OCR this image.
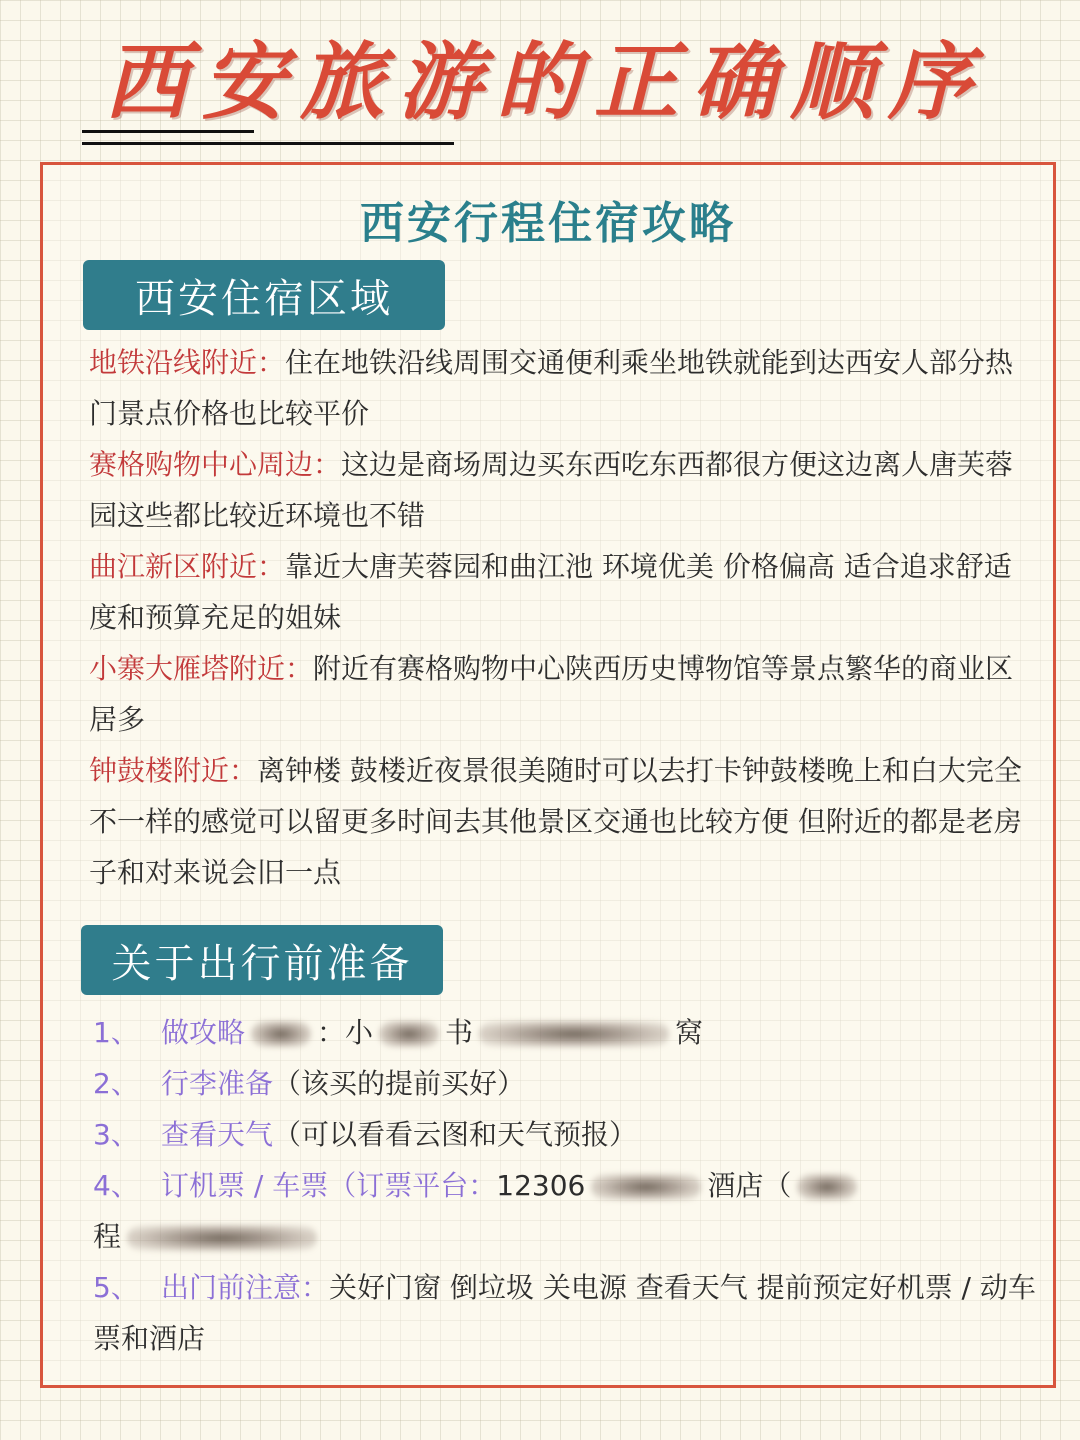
西安旅游的正确顺序
西安行程住宿攻略
西安住宿区域
地铁沿线附近：住在地铁沿线周围交通便利乘坐地铁就能到达西安人部分热门景点价格也比较平价
赛格购物中心周边：这边是商场周边买东西吃东西都很方便这边离人唐芙蓉园这些都比较近环境也不错
曲江新区附近：靠近大唐芙蓉园和曲江池 环境优美 价格偏高 适合追求舒适度和预算充足的姐妹
小寨大雁塔附近：附近有赛格购物中心陕西历史博物馆等景点繁华的商业区居多
钟鼓楼附近：离钟楼 鼓楼近夜景很美随时可以去打卡钟鼓楼晚上和白大完全不一样的感觉可以留更多时间去其他景区交通也比较方便 但附近的都是老房子和对来说会旧一点
关于出行前准备
1、 做攻略	：小	书	窝
2、 行李准备（该买的提前买好）
3、 查看天气（可以看看云图和天气预报）
4、 订机票 / 车票（订票平台：12306	酒店（
程
5、 出门前注意：关好门窗 倒垃圾 关电源 查看天气 提前预定好机票 / 动车票和酒店
